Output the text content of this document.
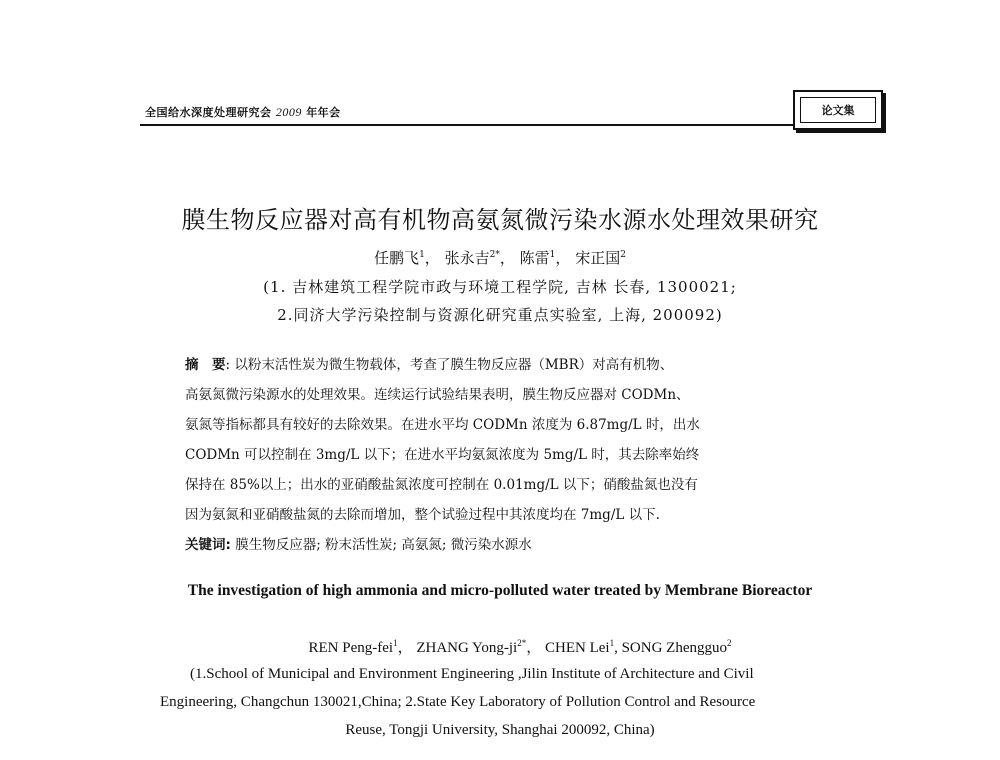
全国给水深度处理研究会 2009 年年会	论文集
膜生物反应器对高有机物高氨氮微污染水源水处理效果研究
任鹏飞$^1$， 张永吉$^{2*}$， 陈雷$^1$， 宋正国$^2$
(1. 吉林建筑工程学院市政与环境工程学院, 吉林 长春, 1300021;
2.同济大学污染控制与资源化研究重点实验室, 上海, 200092)
摘　要: 以粉末活性炭为微生物载体，考查了膜生物反应器（MBR）对高有机物、
高氨氮微污染源水的处理效果。连续运行试验结果表明，膜生物反应器对 CODMn、
氨氮等指标都具有较好的去除效果。在进水平均 CODMn 浓度为 6.87mg/L 时，出水
CODMn 可以控制在 3mg/L 以下；在进水平均氨氮浓度为 5mg/L 时，其去除率始终
保持在 85%以上；出水的亚硝酸盐氮浓度可控制在 0.01mg/L 以下；硝酸盐氮也没有
因为氨氮和亚硝酸盐氮的去除而增加，整个试验过程中其浓度均在 7mg/L 以下.
关键词: 膜生物反应器; 粉末活性炭; 高氨氮; 微污染水源水
The investigation of high ammonia and micro-polluted water treated by Membrane Bioreactor
REN Peng-fei$^1$， ZHANG Yong-$ji^{2*}$， CHEN Lei$^1$, SONG Zhengguo$^2$
(1.School of Municipal and Environment Engineering ,Jilin Institute of Architecture and Civil
Engineering, Changchun 130021,China; 2.State Key Laboratory of Pollution Control and Resource
Reuse, Tongji University, Shanghai 200092, China)
